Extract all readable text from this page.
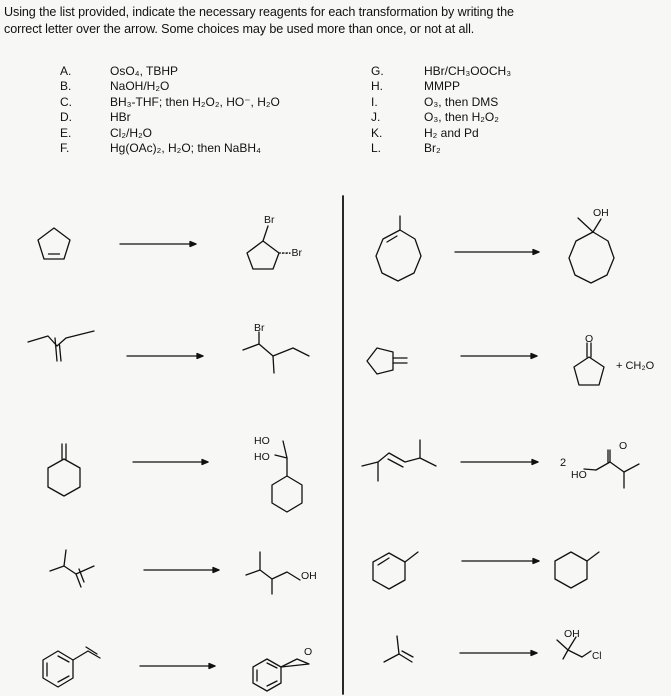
Using the list provided, indicate the necessary reagents for each transformation by writing the

correct letter over the arrow. Some choices may be used more than once, or not at all.

A.	OsO₄, TBHP
B.	NaOH/H₂O
C.	BH₃-THF; then H₂O₂, HO⁻, H₂O
D.	HBr
E.	Cl₂/H₂O
F.	Hg(OAc)₂, H₂O; then NaBH₄
G.	HBr/CH₃OOCH₃
H.	MMPP
I.	O₃, then DMS
J.	O₃, then H₂O₂
K.	H₂ and Pd
L.	Br₂
Br
···Br
OH
Br
O
+ CH₂O
HO
HO	2
O
HO
OH
O
OH
Cl
